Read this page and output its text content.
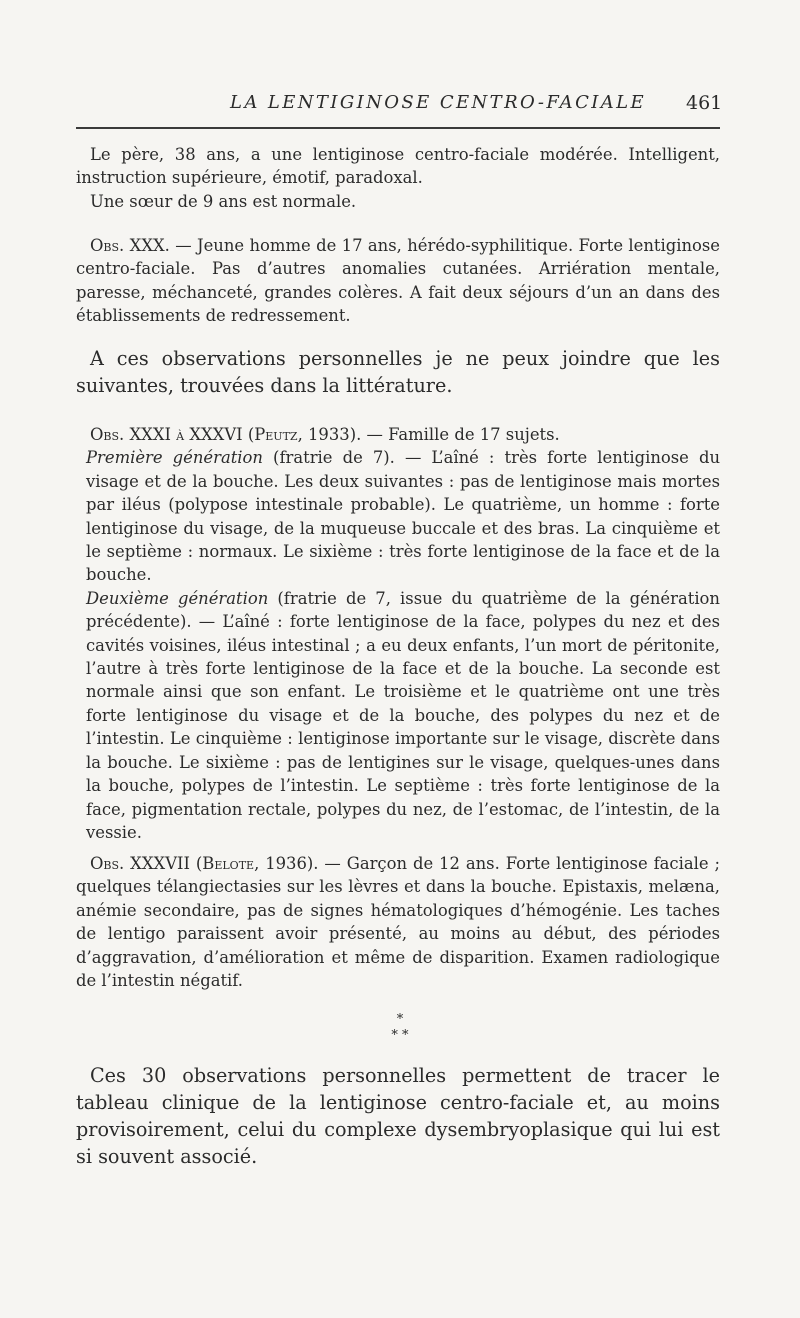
LA LENTIGINOSE CENTRO-FACIALE 461

Le père, 38 ans, a une lentiginose centro-faciale modérée. Intelligent, instruction supérieure, émotif, paradoxal.

Une sœur de 9 ans est normale.

Obs. XXX. — Jeune homme de 17 ans, hérédo-syphilitique. Forte lentiginose centro-faciale. Pas d’autres anomalies cutanées. Arriération mentale, paresse, méchanceté, grandes colères. A fait deux séjours d’un an dans des établissements de redressement.

A ces observations personnelles je ne peux joindre que les suivantes, trouvées dans la littérature.

Obs. XXXI à XXXVI (Peutz, 1933). — Famille de 17 sujets.

Première génération (fratrie de 7). — L’aîné : très forte lentiginose du visage et de la bouche. Les deux suivantes : pas de lentiginose mais mortes par iléus (polypose intestinale probable). Le quatrième, un homme : forte lentiginose du visage, de la muqueuse buccale et des bras. La cinquième et le septième : normaux. Le sixième : très forte lentiginose de la face et de la bouche.

Deuxième génération (fratrie de 7, issue du quatrième de la génération précédente). — L’aîné : forte lentiginose de la face, polypes du nez et des cavités voisines, iléus intestinal ; a eu deux enfants, l’un mort de péritonite, l’autre à très forte lentiginose de la face et de la bouche. La seconde est normale ainsi que son enfant. Le troisième et le quatrième ont une très forte lentiginose du visage et de la bouche, des polypes du nez et de l’intestin. Le cinquième : lentiginose importante sur le visage, discrète dans la bouche. Le sixième : pas de lentigines sur le visage, quelques-unes dans la bouche, polypes de l’intestin. Le septième : très forte lentiginose de la face, pigmentation rectale, polypes du nez, de l’estomac, de l’intestin, de la vessie.

Obs. XXXVII (Belote, 1936). — Garçon de 12 ans. Forte lentiginose faciale ; quelques télangiectasies sur les lèvres et dans la bouche. Epistaxis, melæna, anémie secondaire, pas de signes hématologiques d’hémogénie. Les taches de lentigo paraissent avoir présenté, au moins au début, des périodes d’aggravation, d’amélioration et même de disparition. Examen radiologique de l’intestin négatif.

*
* *

Ces 30 observations personnelles permettent de tracer le tableau clinique de la lentiginose centro-faciale et, au moins provisoirement, celui du complexe dysembryoplasique qui lui est si souvent associé.
